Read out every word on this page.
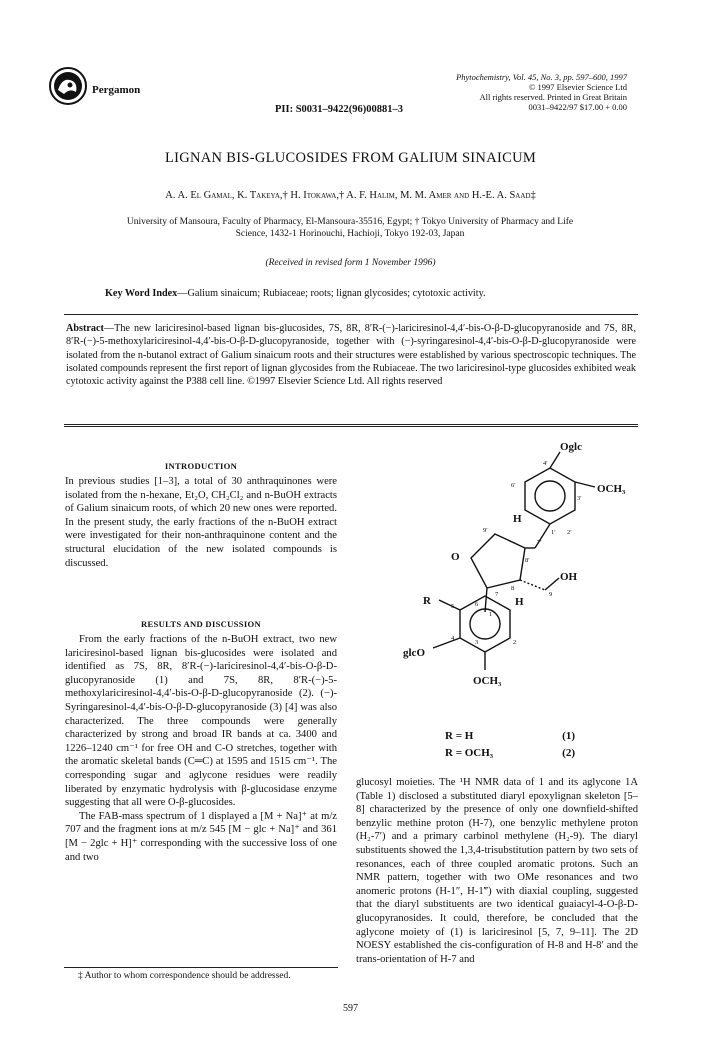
Pergamon
Phytochemistry, Vol. 45, No. 3, pp. 597–600, 1997
© 1997 Elsevier Science Ltd
All rights reserved. Printed in Great Britain
0031–9422/97 $17.00 + 0.00
PII: S0031–9422(96)00881–3
LIGNAN BIS-GLUCOSIDES FROM GALIUM SINAICUM
A. A. El Gamal, K. Takeya,† H. Itokawa,† A. F. Halim, M. M. Amer and H.-E. A. Saad‡
University of Mansoura, Faculty of Pharmacy, El-Mansoura-35516, Egypt; † Tokyo University of Pharmacy and Life
Science, 1432-1 Horinouchi, Hachioji, Tokyo 192-03, Japan
(Received in revised form 1 November 1996)
Key Word Index—Galium sinaicum; Rubiaceae; roots; lignan glycosides; cytotoxic activity.
Abstract—The new lariciresinol-based lignan bis-glucosides, 7S, 8R, 8′R-(−)-lariciresinol-4,4′-bis-O-β-D-glucopyranoside and 7S, 8R, 8′R-(−)-5-methoxylariciresinol-4,4′-bis-O-β-D-glucopyranoside, together with (−)-syringaresinol-4,4′-bis-O-β-D-glucopyranoside were isolated from the n-butanol extract of Galium sinaicum roots and their structures were established by various spectroscopic techniques. The isolated compounds represent the first report of lignan glycosides from the Rubiaceae. The two lariciresinol-type glucosides exhibited weak cytotoxic activity against the P388 cell line. ©1997 Elsevier Science Ltd. All rights reserved
INTRODUCTION
In previous studies [1–3], a total of 30 anthraquinones were isolated from the n-hexane, Et₂O, CH₂Cl₂ and n-BuOH extracts of Galium sinaicum roots, of which 20 new ones were reported. In the present study, the early fractions of the n-BuOH extract were investigated for their non-anthraquinone content and the structural elucidation of the new isolated compounds is discussed.
RESULTS AND DISCUSSION
From the early fractions of the n-BuOH extract, two new lariciresinol-based lignan bis-glucosides were isolated and identified as 7S, 8R, 8′R-(−)-lariciresinol-4,4′-bis-O-β-D-glucopyranoside (1) and 7S, 8R, 8′R-(−)-5-methoxylariciresinol-4,4′-bis-O-β-D-glucopyranoside (2). (−)-Syringaresinol-4,4′-bis-O-β-D-glucopyranoside (3) [4] was also characterized. The three compounds were generally characterized by strong and broad IR bands at ca. 3400 and 1226–1240 cm⁻¹ for free OH and C-O stretches, together with the aromatic skeletal bands (C═C) at 1595 and 1515 cm⁻¹. The corresponding sugar and aglycone residues were readily liberated by enzymatic hydrolysis with β-glucosidase enzyme suggesting that all were O-β-glucosides.
The FAB-mass spectrum of 1 displayed a [M + Na]⁺ at m/z 707 and the fragment ions at m/z 545 [M − glc + Na]⁺ and 361 [M − 2glc + H]⁺ corresponding with the successive loss of one and two
‡ Author to whom correspondence should be addressed.
Oglc
OCH₃
H
O
OH
H
R
glcO
OCH₃
4′
3′
6′
1′ 2′
7′
8′
9′
7
8
9
1
2
3
4
5	6
R = H	(1)
R = OCH₃	(2)
glucosyl moieties. The ¹H NMR data of 1 and its aglycone 1A (Table 1) disclosed a substituted diaryl epoxylignan skeleton [5–8] characterized by the presence of only one downfield-shifted benzylic methine proton (H-7), one benzylic methylene proton (H₂-7′) and a primary carbinol methylene (H₂-9). The diaryl substituents showed the 1,3,4-trisubstitution pattern by two sets of resonances, each of three coupled aromatic protons. Such an NMR pattern, together with two OMe resonances and two anomeric protons (H-1″, H-1‴) with diaxial coupling, suggested that the diaryl substituents are two identical guaiacyl-4-O-β-D-glucopyranosides. It could, therefore, be concluded that the aglycone moiety of (1) is lariciresinol [5, 7, 9–11]. The 2D NOESY established the cis-configuration of H-8 and H-8′ and the trans-orientation of H-7 and
597
